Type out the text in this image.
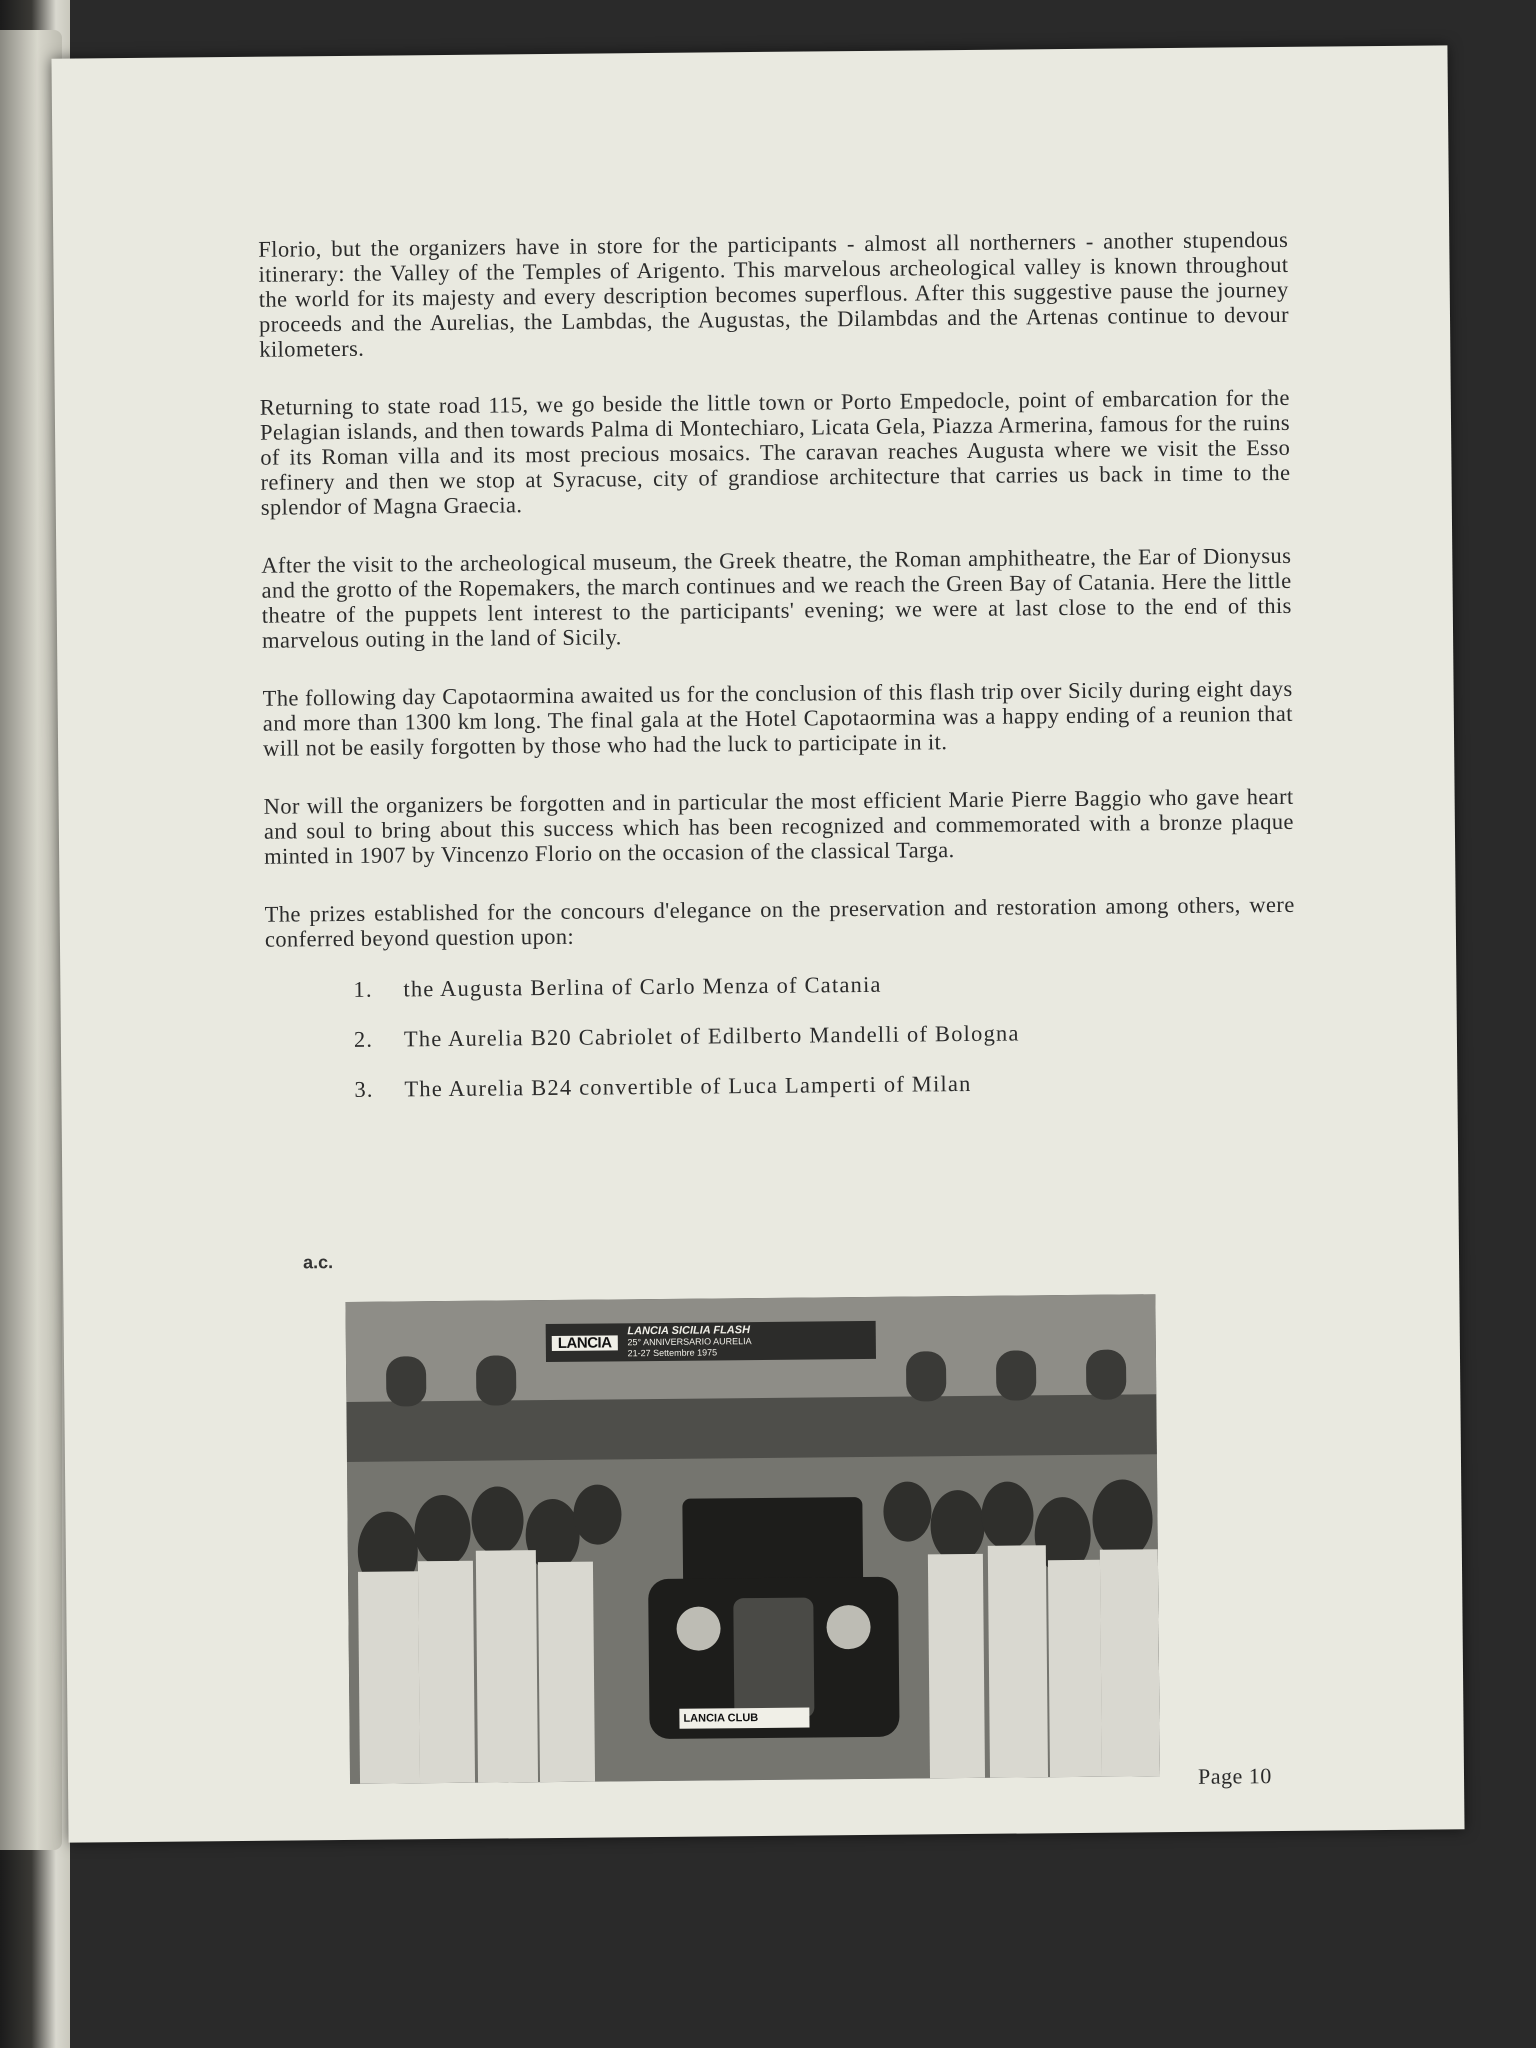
Florio, but the organizers have in store for the participants - almost all northerners - another stupendous itinerary: the Valley of the Temples of Arigento. This marvelous archeological valley is known throughout the world for its majesty and every description becomes superflous. After this suggestive pause the journey proceeds and the Aurelias, the Lambdas, the Augustas, the Dilambdas and the Artenas continue to devour kilometers.

Returning to state road 115, we go beside the little town or Porto Empedocle, point of embarcation for the Pelagian islands, and then towards Palma di Montechiaro, Licata Gela, Piazza Armerina, famous for the ruins of its Roman villa and its most precious mosaics. The caravan reaches Augusta where we visit the Esso refinery and then we stop at Syracuse, city of grandiose architecture that carries us back in time to the splendor of Magna Graecia.

After the visit to the archeological museum, the Greek theatre, the Roman amphitheatre, the Ear of Dionysus and the grotto of the Ropemakers, the march continues and we reach the Green Bay of Catania. Here the little theatre of the puppets lent interest to the participants' evening; we were at last close to the end of this marvelous outing in the land of Sicily.

The following day Capotaormina awaited us for the conclusion of this flash trip over Sicily during eight days and more than 1300 km long. The final gala at the Hotel Capotaormina was a happy ending of a reunion that will not be easily forgotten by those who had the luck to participate in it.

Nor will the organizers be forgotten and in particular the most efficient Marie Pierre Baggio who gave heart and soul to bring about this success which has been recognized and commemorated with a bronze plaque minted in 1907 by Vincenzo Florio on the occasion of the classical Targa.

The prizes established for the concours d'elegance on the preservation and restoration among others, were conferred beyond question upon:

1.	the Augusta Berlina of Carlo Menza of Catania
2.	The Aurelia B20 Cabriolet of Edilberto Mandelli of Bologna
3.	The Aurelia B24 convertible of Luca Lamperti of Milan
a.c.
LANCIA
LANCIA SICILIA FLASH
25° ANNIVERSARIO AURELIA
21-27 Settembre 1975
LANCIA CLUB
Page 10
